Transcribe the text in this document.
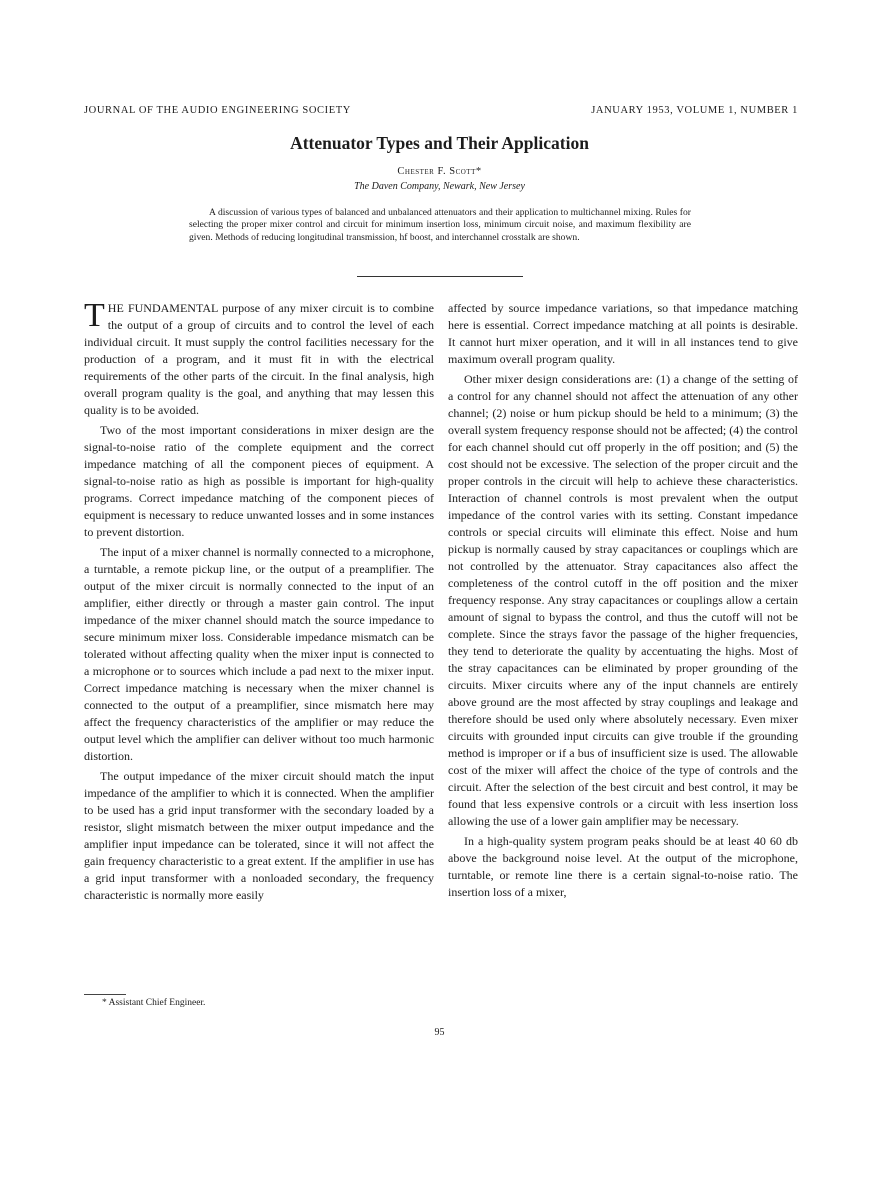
JOURNAL OF THE AUDIO ENGINEERING SOCIETY	JANUARY 1953, VOLUME 1, NUMBER 1
Attenuator Types and Their Application
Chester F. Scott*
The Daven Company, Newark, New Jersey
A discussion of various types of balanced and unbalanced attenuators and their application to multichannel mixing. Rules for selecting the proper mixer control and circuit for minimum insertion loss, minimum circuit noise, and maximum flexibility are given. Methods of reducing longitudinal transmission, hf boost, and interchannel crosstalk are shown.

THE FUNDAMENTAL purpose of any mixer circuit is to combine the output of a group of circuits and to control the level of each individual circuit. It must supply the control facilities necessary for the production of a program, and it must fit in with the electrical requirements of the other parts of the circuit. In the final analysis, high overall program quality is the goal, and anything that may lessen this quality is to be avoided.

Two of the most important considerations in mixer design are the signal-to-noise ratio of the complete equipment and the correct impedance matching of all the component pieces of equipment. A signal-to-noise ratio as high as possible is important for high-quality programs. Correct impedance matching of the component pieces of equipment is necessary to reduce unwanted losses and in some instances to prevent distortion.

The input of a mixer channel is normally connected to a microphone, a turntable, a remote pickup line, or the output of a preamplifier. The output of the mixer circuit is normally connected to the input of an amplifier, either directly or through a master gain control. The input impedance of the mixer channel should match the source impedance to secure minimum mixer loss. Considerable impedance mismatch can be tolerated without affecting quality when the mixer input is connected to a microphone or to sources which include a pad next to the mixer input. Correct impedance matching is necessary when the mixer channel is connected to the output of a preamplifier, since mismatch here may affect the frequency characteristics of the amplifier or may reduce the output level which the amplifier can deliver without too much harmonic distortion.

The output impedance of the mixer circuit should match the input impedance of the amplifier to which it is connected. When the amplifier to be used has a grid input transformer with the secondary loaded by a resistor, slight mismatch between the mixer output impedance and the amplifier input impedance can be tolerated, since it will not affect the gain frequency characteristic to a great extent. If the amplifier in use has a grid input transformer with a nonloaded secondary, the frequency characteristic is normally more easily

affected by source impedance variations, so that impedance matching here is essential. Correct impedance matching at all points is desirable. It cannot hurt mixer operation, and it will in all instances tend to give maximum overall program quality.

Other mixer design considerations are: (1) a change of the setting of a control for any channel should not affect the attenuation of any other channel; (2) noise or hum pickup should be held to a minimum; (3) the overall system frequency response should not be affected; (4) the control for each channel should cut off properly in the off position; and (5) the cost should not be excessive. The selection of the proper circuit and the proper controls in the circuit will help to achieve these characteristics. Interaction of channel controls is most prevalent when the output impedance of the control varies with its setting. Constant impedance controls or special circuits will eliminate this effect. Noise and hum pickup is normally caused by stray capacitances or couplings which are not controlled by the attenuator. Stray capacitances also affect the completeness of the control cutoff in the off position and the mixer frequency response. Any stray capacitances or couplings allow a certain amount of signal to bypass the control, and thus the cutoff will not be complete. Since the strays favor the passage of the higher frequencies, they tend to deteriorate the quality by accentuating the highs. Most of the stray capacitances can be eliminated by proper grounding of the circuits. Mixer circuits where any of the input channels are entirely above ground are the most affected by stray couplings and leakage and therefore should be used only where absolutely necessary. Even mixer circuits with grounded input circuits can give trouble if the grounding method is improper or if a bus of insufficient size is used. The allowable cost of the mixer will affect the choice of the type of controls and the circuit. After the selection of the best circuit and best control, it may be found that less expensive controls or a circuit with less insertion loss allowing the use of a lower gain amplifier may be necessary.

In a high-quality system program peaks should be at least 40 60 db above the background noise level. At the output of the microphone, turntable, or remote line there is a certain signal-to-noise ratio. The insertion loss of a mixer,

* Assistant Chief Engineer.
95
